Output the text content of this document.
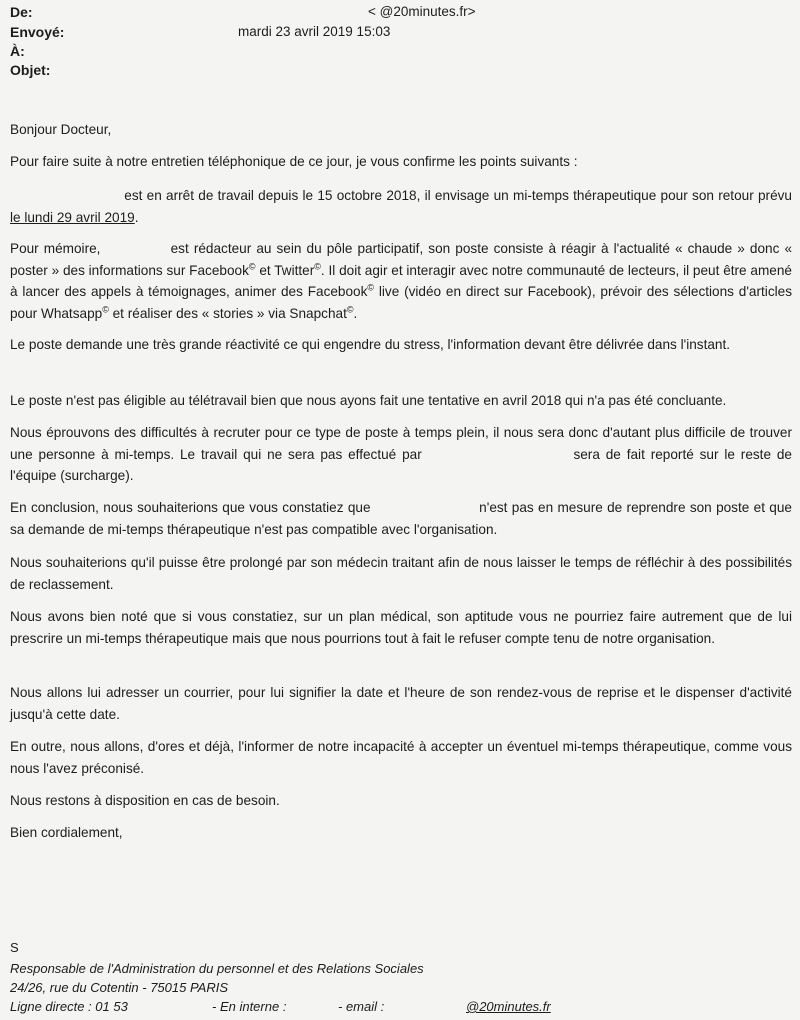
De:	< @20minutes.fr>
Envoyé:	mardi 23 avril 2019 15:03
À:
Objet:
Bonjour Docteur,
Pour faire suite à notre entretien téléphonique de ce jour, je vous confirme les points suivants :
est en arrêt de travail depuis le 15 octobre 2018, il envisage un mi-temps thérapeutique pour son retour prévu le lundi 29 avril 2019.
Pour mémoire,	est rédacteur au sein du pôle participatif, son poste consiste à réagir à l'actualité « chaude » donc « poster » des informations sur Facebook© et Twitter©. Il doit agir et interagir avec notre communauté de lecteurs, il peut être amené à lancer des appels à témoignages, animer des Facebook© live (vidéo en direct sur Facebook), prévoir des sélections d'articles pour Whatsapp© et réaliser des « stories » via Snapchat©.
Le poste demande une très grande réactivité ce qui engendre du stress, l'information devant être délivrée dans l'instant.
Le poste n'est pas éligible au télétravail bien que nous ayons fait une tentative en avril 2018 qui n'a pas été concluante.
Nous éprouvons des difficultés à recruter pour ce type de poste à temps plein, il nous sera donc d'autant plus difficile de trouver une personne à mi-temps. Le travail qui ne sera pas effectué par	sera de fait reporté sur le reste de l'équipe (surcharge).
En conclusion, nous souhaiterions que vous constatiez que	n'est pas en mesure de reprendre son poste et que sa demande de mi-temps thérapeutique n'est pas compatible avec l'organisation.
Nous souhaiterions qu'il puisse être prolongé par son médecin traitant afin de nous laisser le temps de réfléchir à des possibilités de reclassement.
Nous avons bien noté que si vous constatiez, sur un plan médical, son aptitude vous ne pourriez faire autrement que de lui prescrire un mi-temps thérapeutique mais que nous pourrions tout à fait le refuser compte tenu de notre organisation.
Nous allons lui adresser un courrier, pour lui signifier la date et l'heure de son rendez-vous de reprise et le dispenser d'activité jusqu'à cette date.
En outre, nous allons, d'ores et déjà, l'informer de notre incapacité à accepter un éventuel mi-temps thérapeutique, comme vous nous l'avez préconisé.
Nous restons à disposition en cas de besoin.
Bien cordialement,
S
Responsable de l'Administration du personnel et des Relations Sociales
24/26, rue du Cotentin - 75015 PARIS
Ligne directe : 01 53	- En interne :	- email :	@20minutes.fr
